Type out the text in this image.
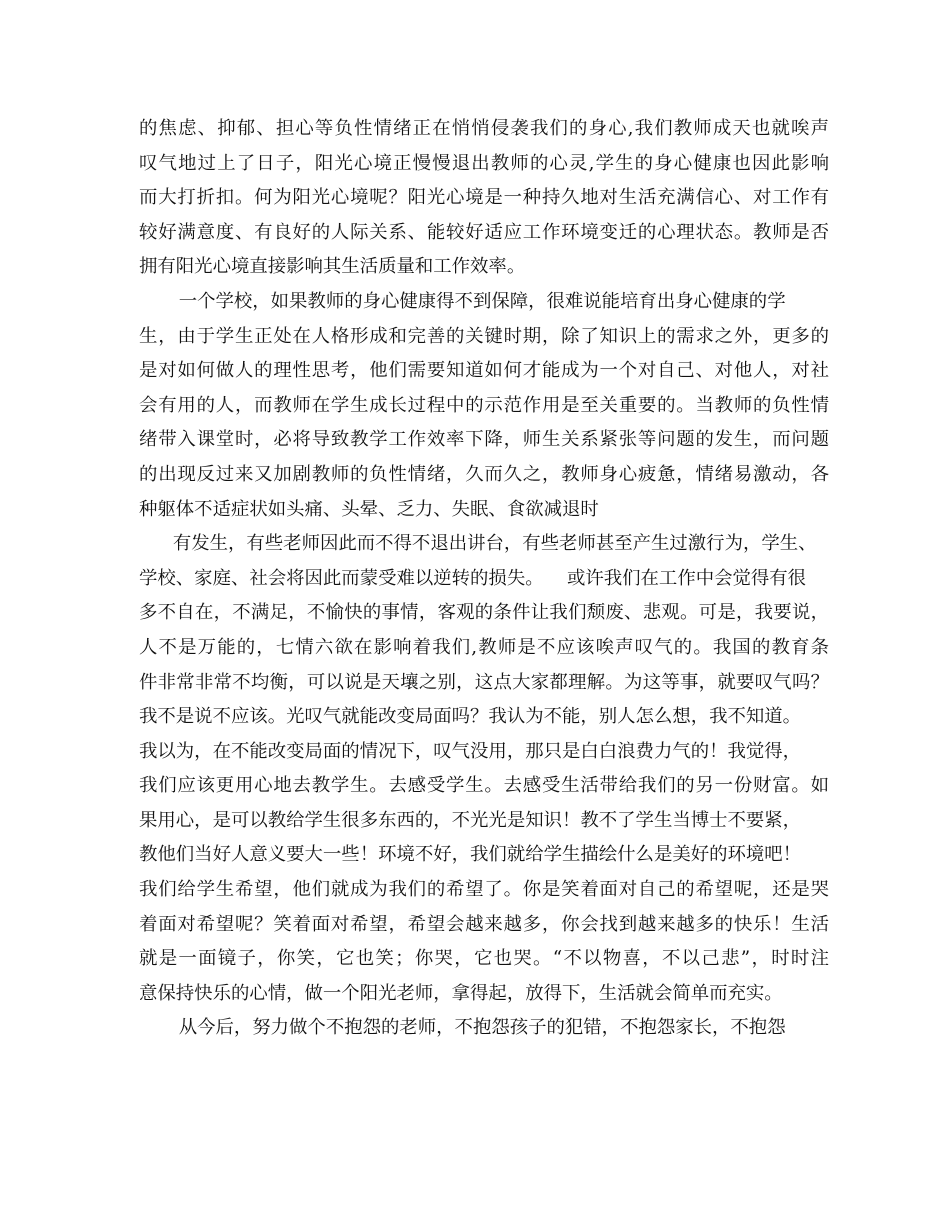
的焦虑、抑郁、担心等负性情绪正在悄悄侵袭我们的身心,我们教师成天也就唉声
叹气地过上了日子，阳光心境正慢慢退出教师的心灵,学生的身心健康也因此影响
而大打折扣。何为阳光心境呢？阳光心境是一种持久地对生活充满信心、对工作有
较好满意度、有良好的人际关系、能较好适应工作环境变迁的心理状态。教师是否
拥有阳光心境直接影响其生活质量和工作效率。
一个学校，如果教师的身心健康得不到保障，很难说能培育出身心健康的学
生，由于学生正处在人格形成和完善的关键时期，除了知识上的需求之外，更多的
是对如何做人的理性思考，他们需要知道如何才能成为一个对自己、对他人，对社
会有用的人，而教师在学生成长过程中的示范作用是至关重要的。当教师的负性情
绪带入课堂时，必将导致教学工作效率下降，师生关系紧张等问题的发生，而问题
的出现反过来又加剧教师的负性情绪，久而久之，教师身心疲惫，情绪易激动，各
种躯体不适症状如头痛、头晕、乏力、失眠、食欲减退时
有发生，有些老师因此而不得不退出讲台，有些老师甚至产生过激行为，学生、
学校、家庭、社会将因此而蒙受难以逆转的损失。    或许我们在工作中会觉得有很
多不自在，不满足，不愉快的事情，客观的条件让我们颓废、悲观。可是，我要说，
人不是万能的，七情六欲在影响着我们,教师是不应该唉声叹气的。我国的教育条
件非常非常不均衡，可以说是天壤之别，这点大家都理解。为这等事，就要叹气吗？
我不是说不应该。光叹气就能改变局面吗？我认为不能，别人怎么想，我不知道。
我以为，在不能改变局面的情况下，叹气没用，那只是白白浪费力气的！我觉得，
我们应该更用心地去教学生。去感受学生。去感受生活带给我们的另一份财富。如
果用心，是可以教给学生很多东西的，不光光是知识！教不了学生当博士不要紧，
教他们当好人意义要大一些！环境不好，我们就给学生描绘什么是美好的环境吧！
我们给学生希望，他们就成为我们的希望了。你是笑着面对自己的希望呢，还是哭
着面对希望呢？笑着面对希望，希望会越来越多，你会找到越来越多的快乐！生活
就是一面镜子，你笑，它也笑；你哭，它也哭。“不以物喜，不以己悲”，时时注
意保持快乐的心情，做一个阳光老师，拿得起，放得下，生活就会简单而充实。
从今后，努力做个不抱怨的老师，不抱怨孩子的犯错，不抱怨家长，不抱怨
